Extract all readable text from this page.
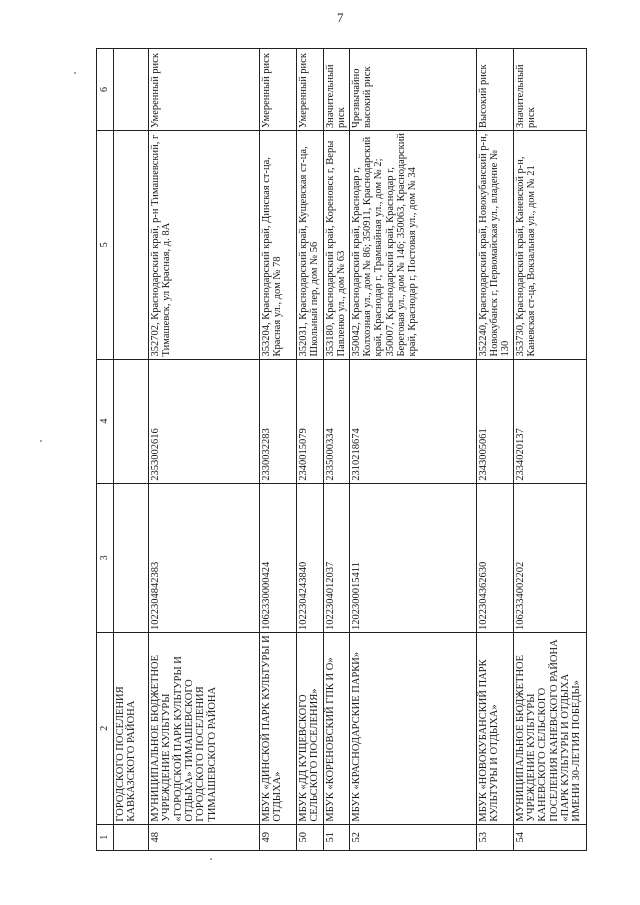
7
1	2	3	4	5	6
	ГОРОДСКОГО ПОСЕЛЕНИЯ КАВКАЗСКОГО РАЙОНА				
48	МУНИЦИПАЛЬНОЕ БЮДЖЕТНОЕ УЧРЕЖДЕНИЕ КУЛЬТУРЫ «ГОРОДСКОЙ ПАРК КУЛЬТУРЫ И ОТДЫХА» ТИМАШЕВСКОГО ГОРОДСКОГО ПОСЕЛЕНИЯ ТИМАШЕВСКОГО РАЙОНА	1022304842383	2353002616	352702, Краснодарский край, р-н Тимашевский, г Тимашевск, ул Красная, д. 8А	Умеренный риск
49	МБУК «ДИНСКОЙ ПАРК КУЛЬТУРЫ И ОТДЫХА»	1062330000424	2330032283	353204, Краснодарский край, Динская ст-ца, Красная ул., дом № 78	Умеренный риск
50	МБУК «ДД КУЩЕВСКОГО СЕЛЬСКОГО ПОСЕЛЕНИЯ»	1022304243840	2340015079	352031, Краснодарский край, Кущевская ст-ца, Школьный пер, дом № 56	Умеренный риск
51	МБУК «КОРЕНОВСКИЙ ГПК И О»	1022304012037	2335000334	353180, Краснодарский край, Кореновск г, Веры Павленко ул., дом № 63	Значительный риск
52	МБУК «КРАСНОДАРСКИЕ ПАРКИ»	1202300015411	2310218674	350042, Краснодарский край, Краснодар г, Колхозная ул., дом № 86; 350911, Краснодарский край, Краснодар г, Трамвайная ул., дом № 2; 350007, Краснодарский край, Краснодар г, Береговая ул., дом № 146; 350063, Краснодарский край, Краснодар г, Постовая ул., дом № 34	Чрезвычайно высокий риск
53	МБУК «НОВОКУБАНСКИЙ ПАРК КУЛЬТУРЫ И ОТДЫХА»	1022304362630	2343005061	352240, Краснодарский край, Новокубанский р-н, Новокубанск г, Первомайская ул., владение № 130	Высокий риск
54	МУНИЦИПАЛЬНОЕ БЮДЖЕТНОЕ УЧРЕЖДЕНИЕ КУЛЬТУРЫ КАНЕВСКОГО СЕЛЬСКОГО ПОСЕЛЕНИЯ КАНЕВСКОГО РАЙОНА «ПАРК КУЛЬТУРЫ И ОТДЫХА ИМЕНИ 30-ЛЕТИЯ ПОБЕДЫ»	1062334002202	2334020137	353730, Краснодарский край, Каневской р-н, Каневская ст-ца, Вокзальная ул., дом № 21	Значительный риск
